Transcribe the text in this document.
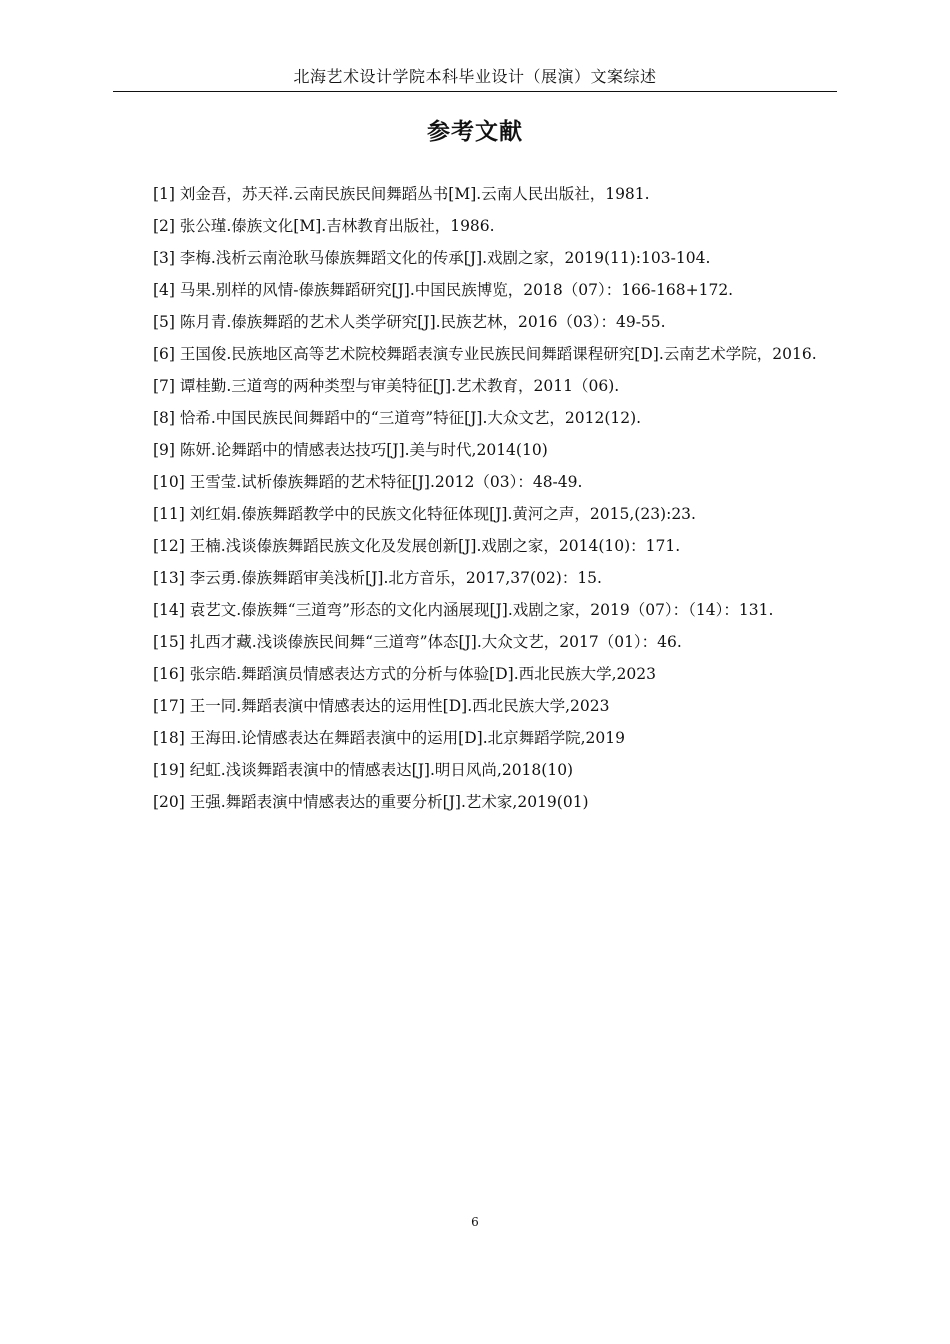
北海艺术设计学院本科毕业设计（展演）文案综述
参考文献
[1] 刘金吾，苏天祥.云南民族民间舞蹈丛书[M].云南人民出版社，1981.
[2] 张公瑾.傣族文化[M].吉林教育出版社，1986.
[3] 李梅.浅析云南沧耿马傣族舞蹈文化的传承[J].戏剧之家，2019(11):103-104.
[4] 马果.别样的风情-傣族舞蹈研究[J].中国民族博览，2018（07）：166-168+172.
[5] 陈月青.傣族舞蹈的艺术人类学研究[J].民族艺林，2016（03）：49-55.
[6] 王国俊.民族地区高等艺术院校舞蹈表演专业民族民间舞蹈课程研究[D].云南艺术学院，2016.
[7] 谭桂勤.三道弯的两种类型与审美特征[J].艺术教育，2011（06).
[8] 恰希.中国民族民间舞蹈中的“三道弯”特征[J].大众文艺，2012(12).
[9] 陈妍.论舞蹈中的情感表达技巧[J].美与时代,2014(10)
[10] 王雪莹.试析傣族舞蹈的艺术特征[J].2012（03）：48-49.
[11] 刘红娟.傣族舞蹈教学中的民族文化特征体现[J].黄河之声，2015,(23):23.
[12] 王楠.浅谈傣族舞蹈民族文化及发展创新[J].戏剧之家，2014(10)：171.
[13] 李云勇.傣族舞蹈审美浅析[J].北方音乐，2017,37(02)：15.
[14] 袁艺文.傣族舞“三道弯”形态的文化内涵展现[J].戏剧之家，2019（07）：（14）：131.
[15] 扎西才藏.浅谈傣族民间舞“三道弯”体态[J].大众文艺，2017（01）：46.
[16] 张宗皓.舞蹈演员情感表达方式的分析与体验[D].西北民族大学,2023
[17] 王一同.舞蹈表演中情感表达的运用性[D].西北民族大学,2023
[18] 王海田.论情感表达在舞蹈表演中的运用[D].北京舞蹈学院,2019
[19] 纪虹.浅谈舞蹈表演中的情感表达[J].明日风尚,2018(10)
[20] 王强.舞蹈表演中情感表达的重要分析[J].艺术家,2019(01)
6
